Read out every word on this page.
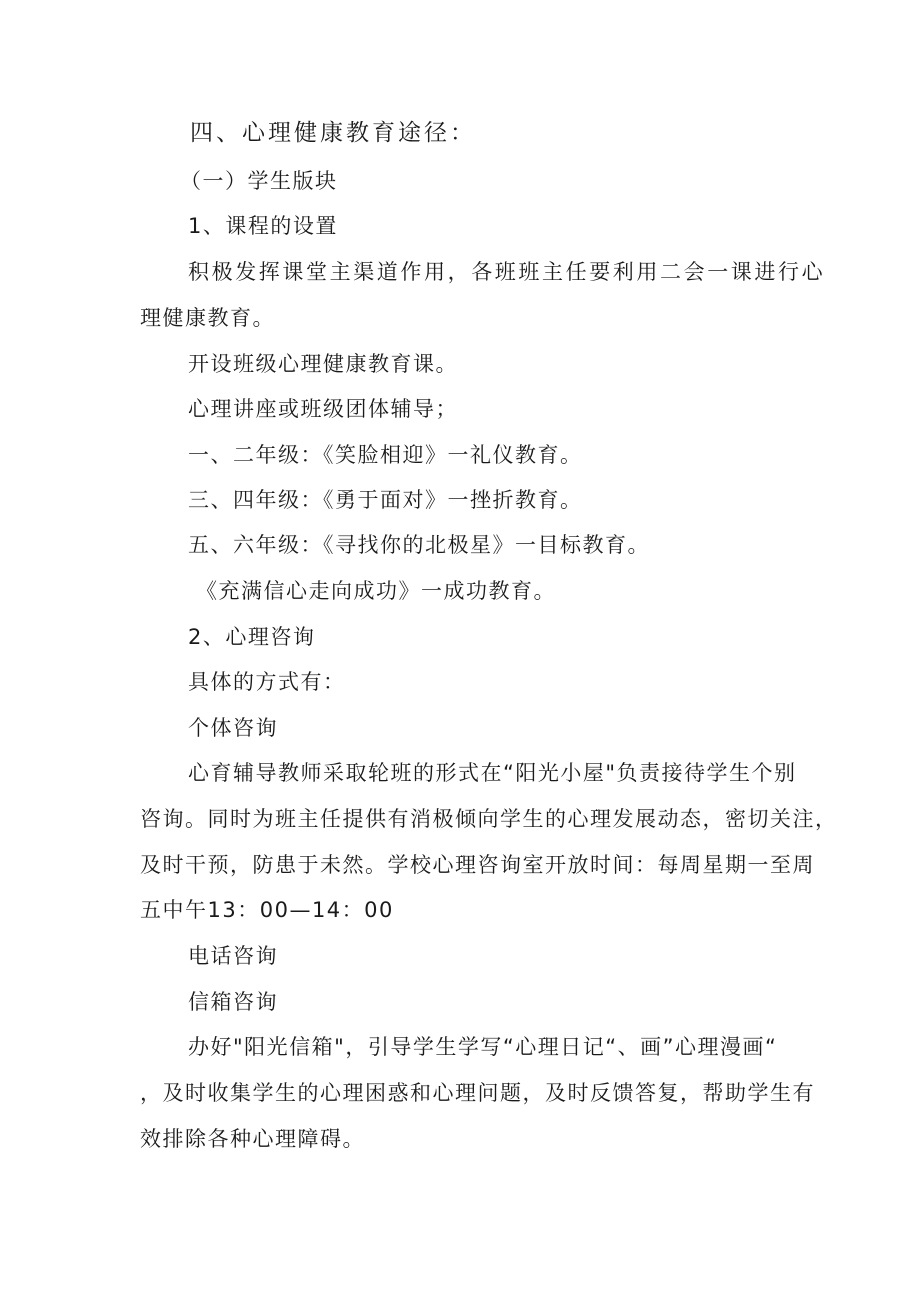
四、心理健康教育途径：
（一）学生版块
1、课程的设置
积极发挥课堂主渠道作用，各班班主任要利用二会一课进行心
理健康教育。
开设班级心理健康教育课。
心理讲座或班级团体辅导；
一、二年级：《笑脸相迎》一礼仪教育。
三、四年级：《勇于面对》一挫折教育。
五、六年级：《寻找你的北极星》一目标教育。
《充满信心走向成功》一成功教育。
2、心理咨询
具体的方式有：
个体咨询
心育辅导教师采取轮班的形式在“阳光小屋"负责接待学生个别
咨询。同时为班主任提供有消极倾向学生的心理发展动态，密切关注，
及时干预，防患于未然。学校心理咨询室开放时间：每周星期一至周
五中午13：00—14：00
电话咨询
信箱咨询
办好"阳光信箱"，引导学生学写“心理日记“、画”心理漫画“
，及时收集学生的心理困惑和心理问题，及时反馈答复，帮助学生有
效排除各种心理障碍。
